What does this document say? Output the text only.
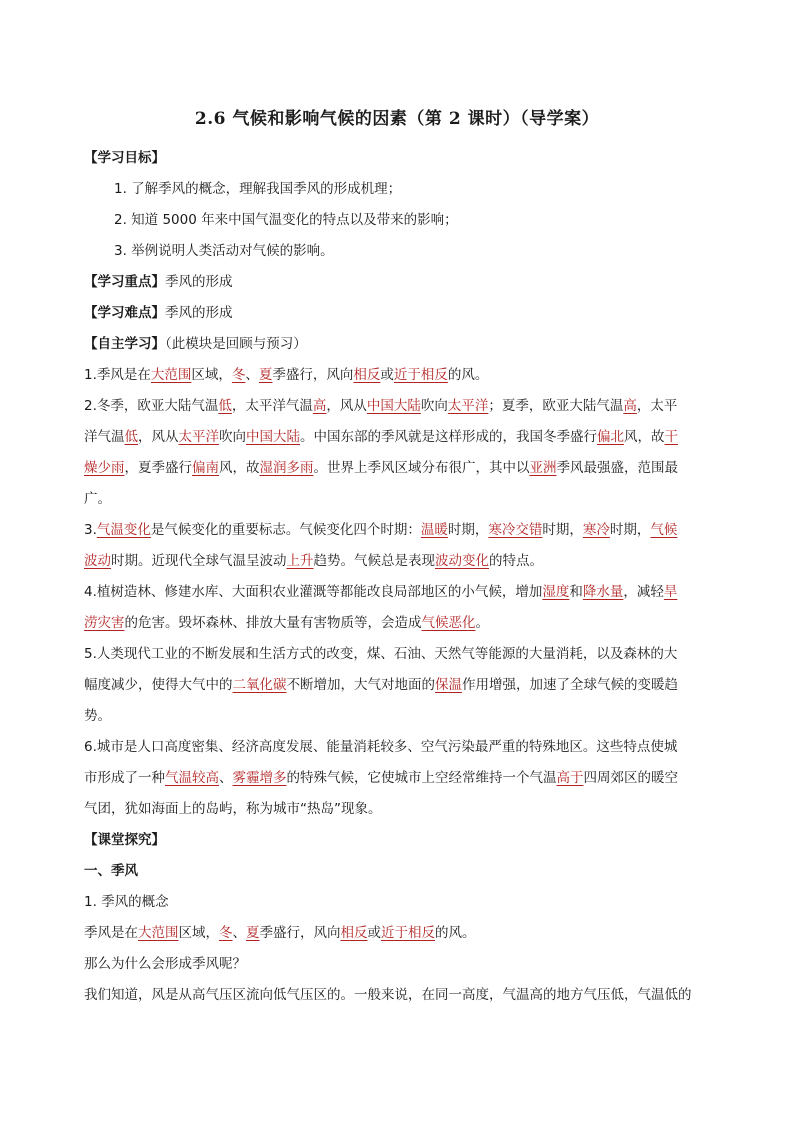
2.6 气候和影响气候的因素（第 2 课时）（导学案）
【学习目标】
1. 了解季风的概念，理解我国季风的形成机理；
2. 知道 5000 年来中国气温变化的特点以及带来的影响；
3. 举例说明人类活动对气候的影响。
【学习重点】季风的形成
【学习难点】季风的形成
【自主学习】（此模块是回顾与预习）
1.季风是在大范围区域，冬、夏季盛行，风向相反或近于相反的风。
2.冬季，欧亚大陆气温低，太平洋气温高，风从中国大陆吹向太平洋；夏季，欧亚大陆气温高，太平
洋气温低，风从太平洋吹向中国大陆。中国东部的季风就是这样形成的，我国冬季盛行偏北风，故干
燥少雨，夏季盛行偏南风，故湿润多雨。世界上季风区域分布很广，其中以亚洲季风最强盛，范围最
广。
3.气温变化是气候变化的重要标志。气候变化四个时期：温暖时期，寒冷交错时期，寒冷时期，气候
波动时期。近现代全球气温呈波动上升趋势。气候总是表现波动变化的特点。
4.植树造林、修建水库、大面积农业灌溉等都能改良局部地区的小气候，增加湿度和降水量，减轻旱
涝灾害的危害。毁坏森林、排放大量有害物质等，会造成气候恶化。
5.人类现代工业的不断发展和生活方式的改变，煤、石油、天然气等能源的大量消耗，以及森林的大
幅度减少，使得大气中的二氧化碳不断增加，大气对地面的保温作用增强，加速了全球气候的变暖趋
势。
6.城市是人口高度密集、经济高度发展、能量消耗较多、空气污染最严重的特殊地区。这些特点使城
市形成了一种气温较高、雾霾增多的特殊气候，它使城市上空经常维持一个气温高于四周郊区的暖空
气团，犹如海面上的岛屿，称为城市“热岛”现象。
【课堂探究】
一、季风
1. 季风的概念
季风是在大范围区域，冬、夏季盛行，风向相反或近于相反的风。
那么为什么会形成季风呢？
我们知道，风是从高气压区流向低气压区的。一般来说，在同一高度，气温高的地方气压低，气温低的
